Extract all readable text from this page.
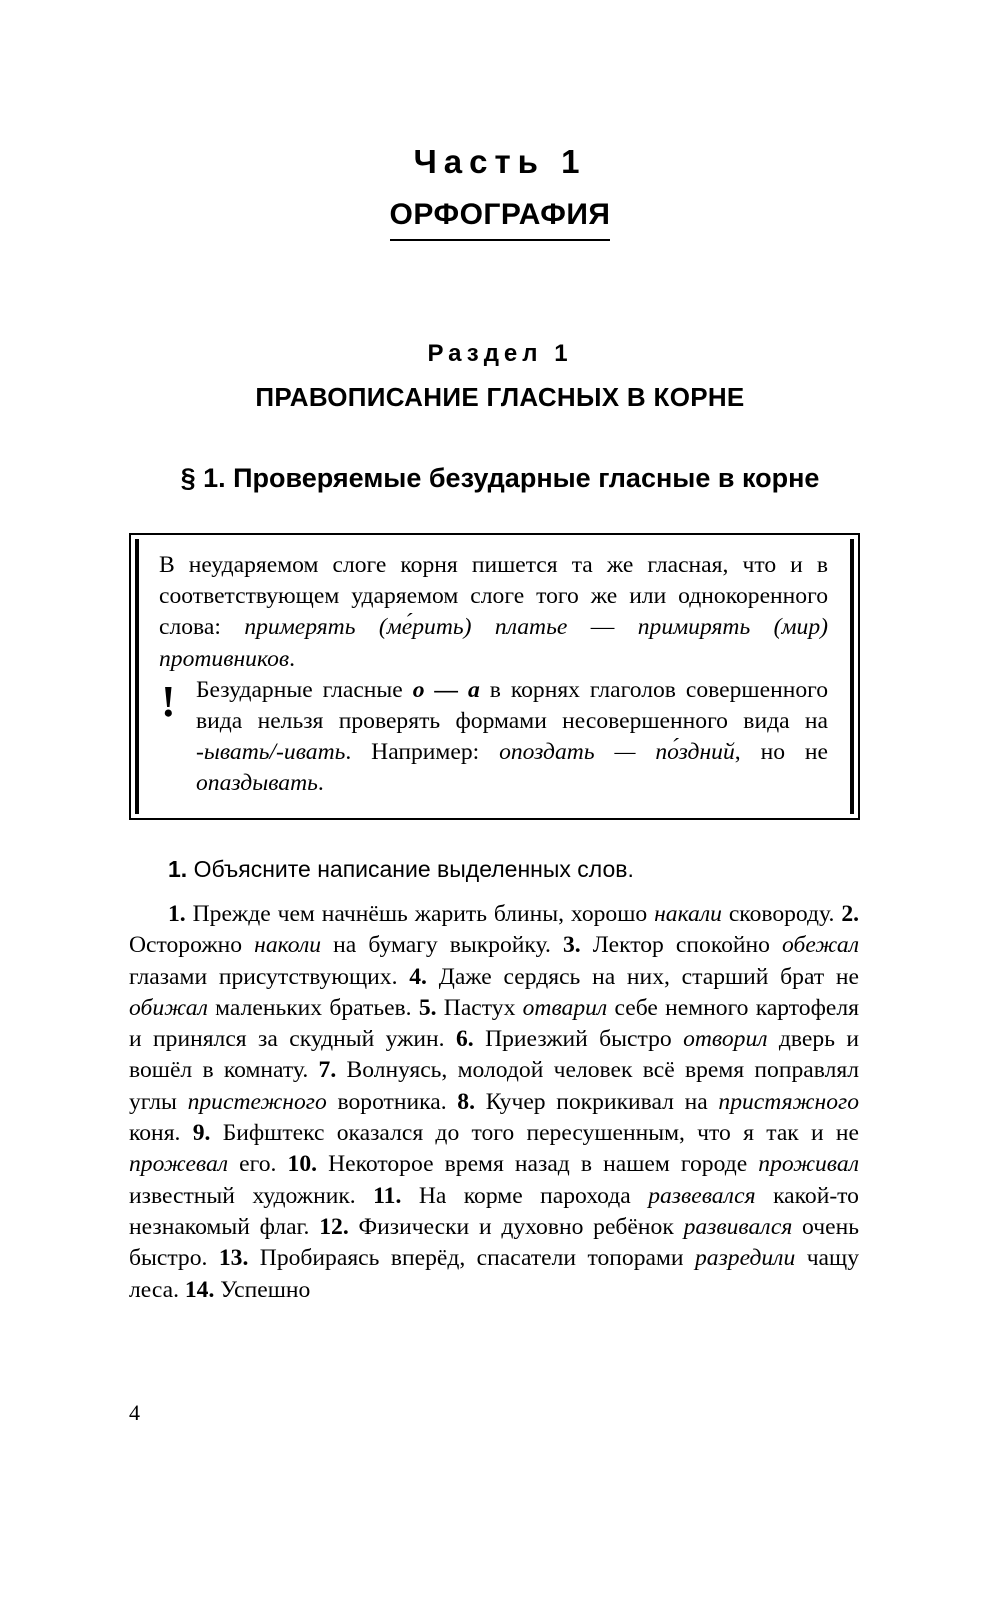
Часть 1
ОРФОГРАФИЯ
Раздел 1
ПРАВОПИСАНИЕ ГЛАСНЫХ В КОРНЕ
§ 1. Проверяемые безударные гласные в корне

В неударяемом слоге корня пишется та же гласная, что и в соответствующем ударяемом слоге того же или однокоренного слова: примерять (ме́рить) платье — примирять (мир) противников.

! Безударные гласные о — а в корнях глаголов совершенного вида нельзя проверять формами несовершенного вида на -ывать/-ивать. Например: опоздать — по́здний, но не опаздывать.

1. Объясните написание выделенных слов.

1. Прежде чем начнёшь жарить блины, хорошо накали сковороду. 2. Осторожно наколи на бумагу выкройку. 3. Лектор спокойно обежал глазами присутствующих. 4. Даже сердясь на них, старший брат не обижал маленьких братьев. 5. Пастух отварил себе немного картофеля и принялся за скудный ужин. 6. Приезжий быстро отворил дверь и вошёл в комнату. 7. Волнуясь, молодой человек всё время поправлял углы пристежного воротника. 8. Кучер покрикивал на пристяжного коня. 9. Бифштекс оказался до того пересушенным, что я так и не прожевал его. 10. Некоторое время назад в нашем городе проживал известный художник. 11. На корме парохода развевался какой-то незнакомый флаг. 12. Физически и духовно ребёнок развивался очень быстро. 13. Пробираясь вперёд, спасатели топорами разредили чащу леса. 14. Успешно

4
